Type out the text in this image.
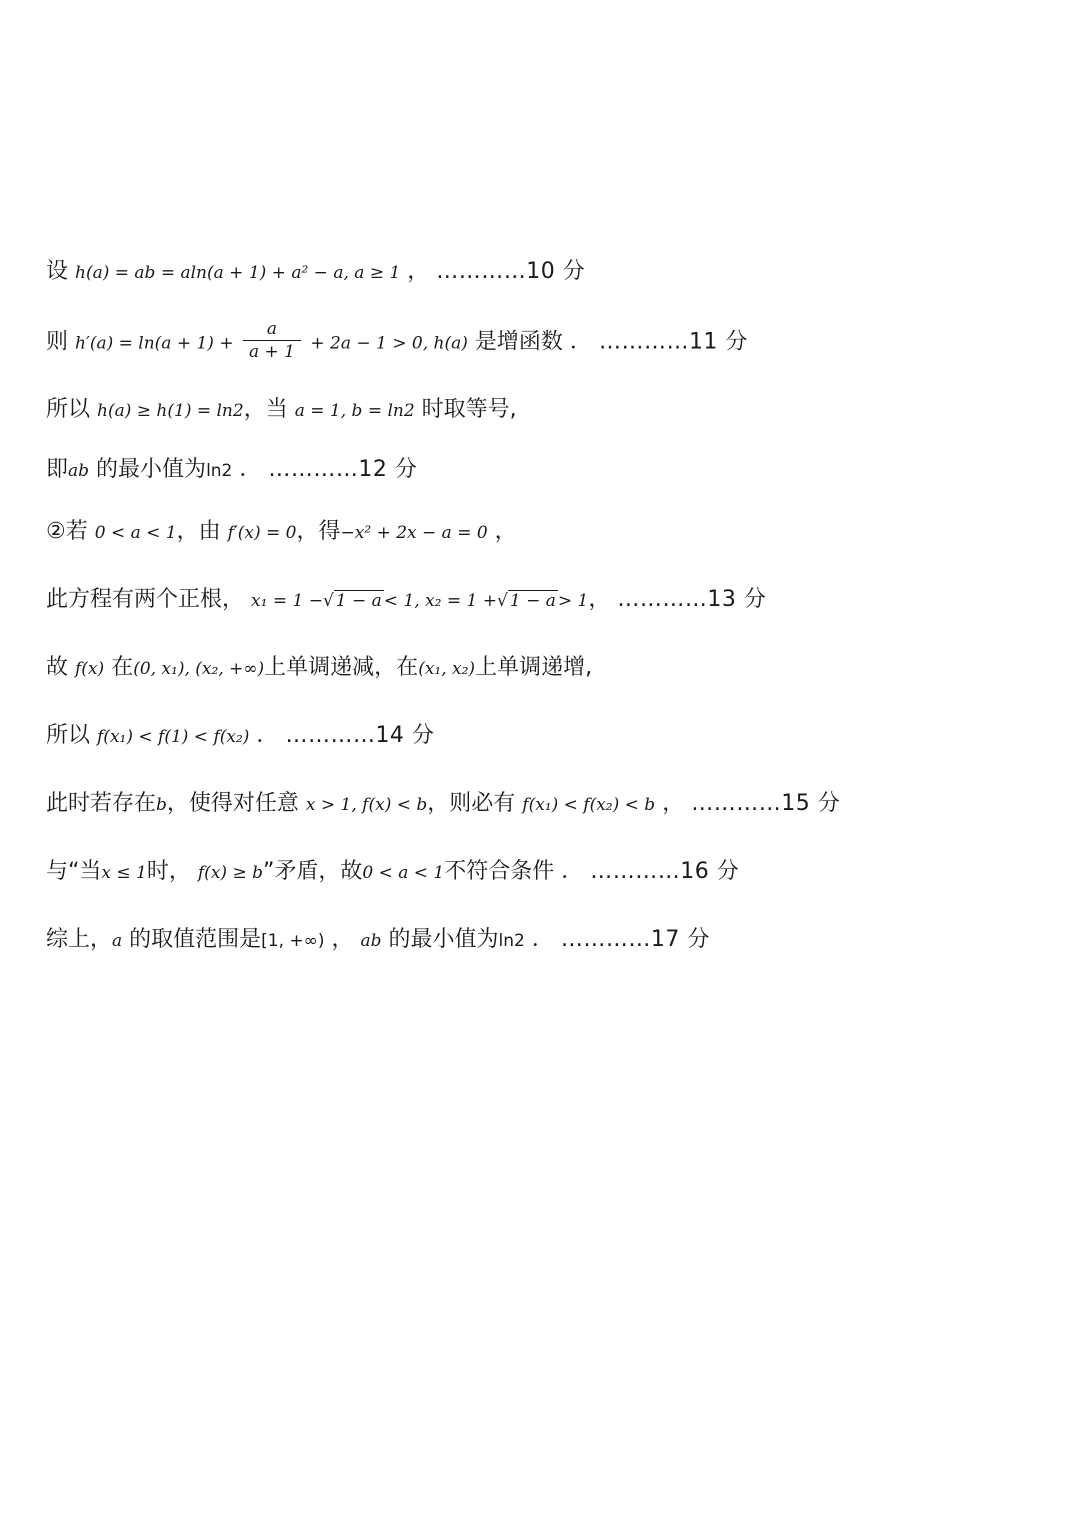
设 h(a) = ab = aln(a + 1) + a² − a, a ≥ 1 ， …………10 分
则 $h'(a) = \ln(a + 1) + \frac{a}{a + 1} + 2a - 1 > 0$, h(a) 是增函数 ． …………11 分
所以 h(a) ≥ h(1) = ln2，当 a = 1, b = ln2 时取等号,
即ab 的最小值为ln2 ． …………12 分
②若 0 < a < 1，由 f′(x) = 0，得−x² + 2x − a = 0 ，
此方程有两个正根， x₁ = 1 −√ 1 − a < 1, x₂ = 1 +√ 1 − a > 1， …………13 分
故 f(x) 在(0, x₁), (x₂, +∞)上单调递减，在(x₁, x₂)上单调递增,
所以 f(x₁) < f(1) < f(x₂) ． …………14 分
此时若存在b，使得对任意 x > 1, f(x) < b，则必有 f(x₁) < f(x₂) < b ， …………15 分
与“当x ≤ 1时， f(x) ≥ b”矛盾，故0 < a < 1不符合条件 ． …………16 分
综上，a 的取值范围是[1, +∞) ， ab 的最小值为ln2 ． …………17 分
